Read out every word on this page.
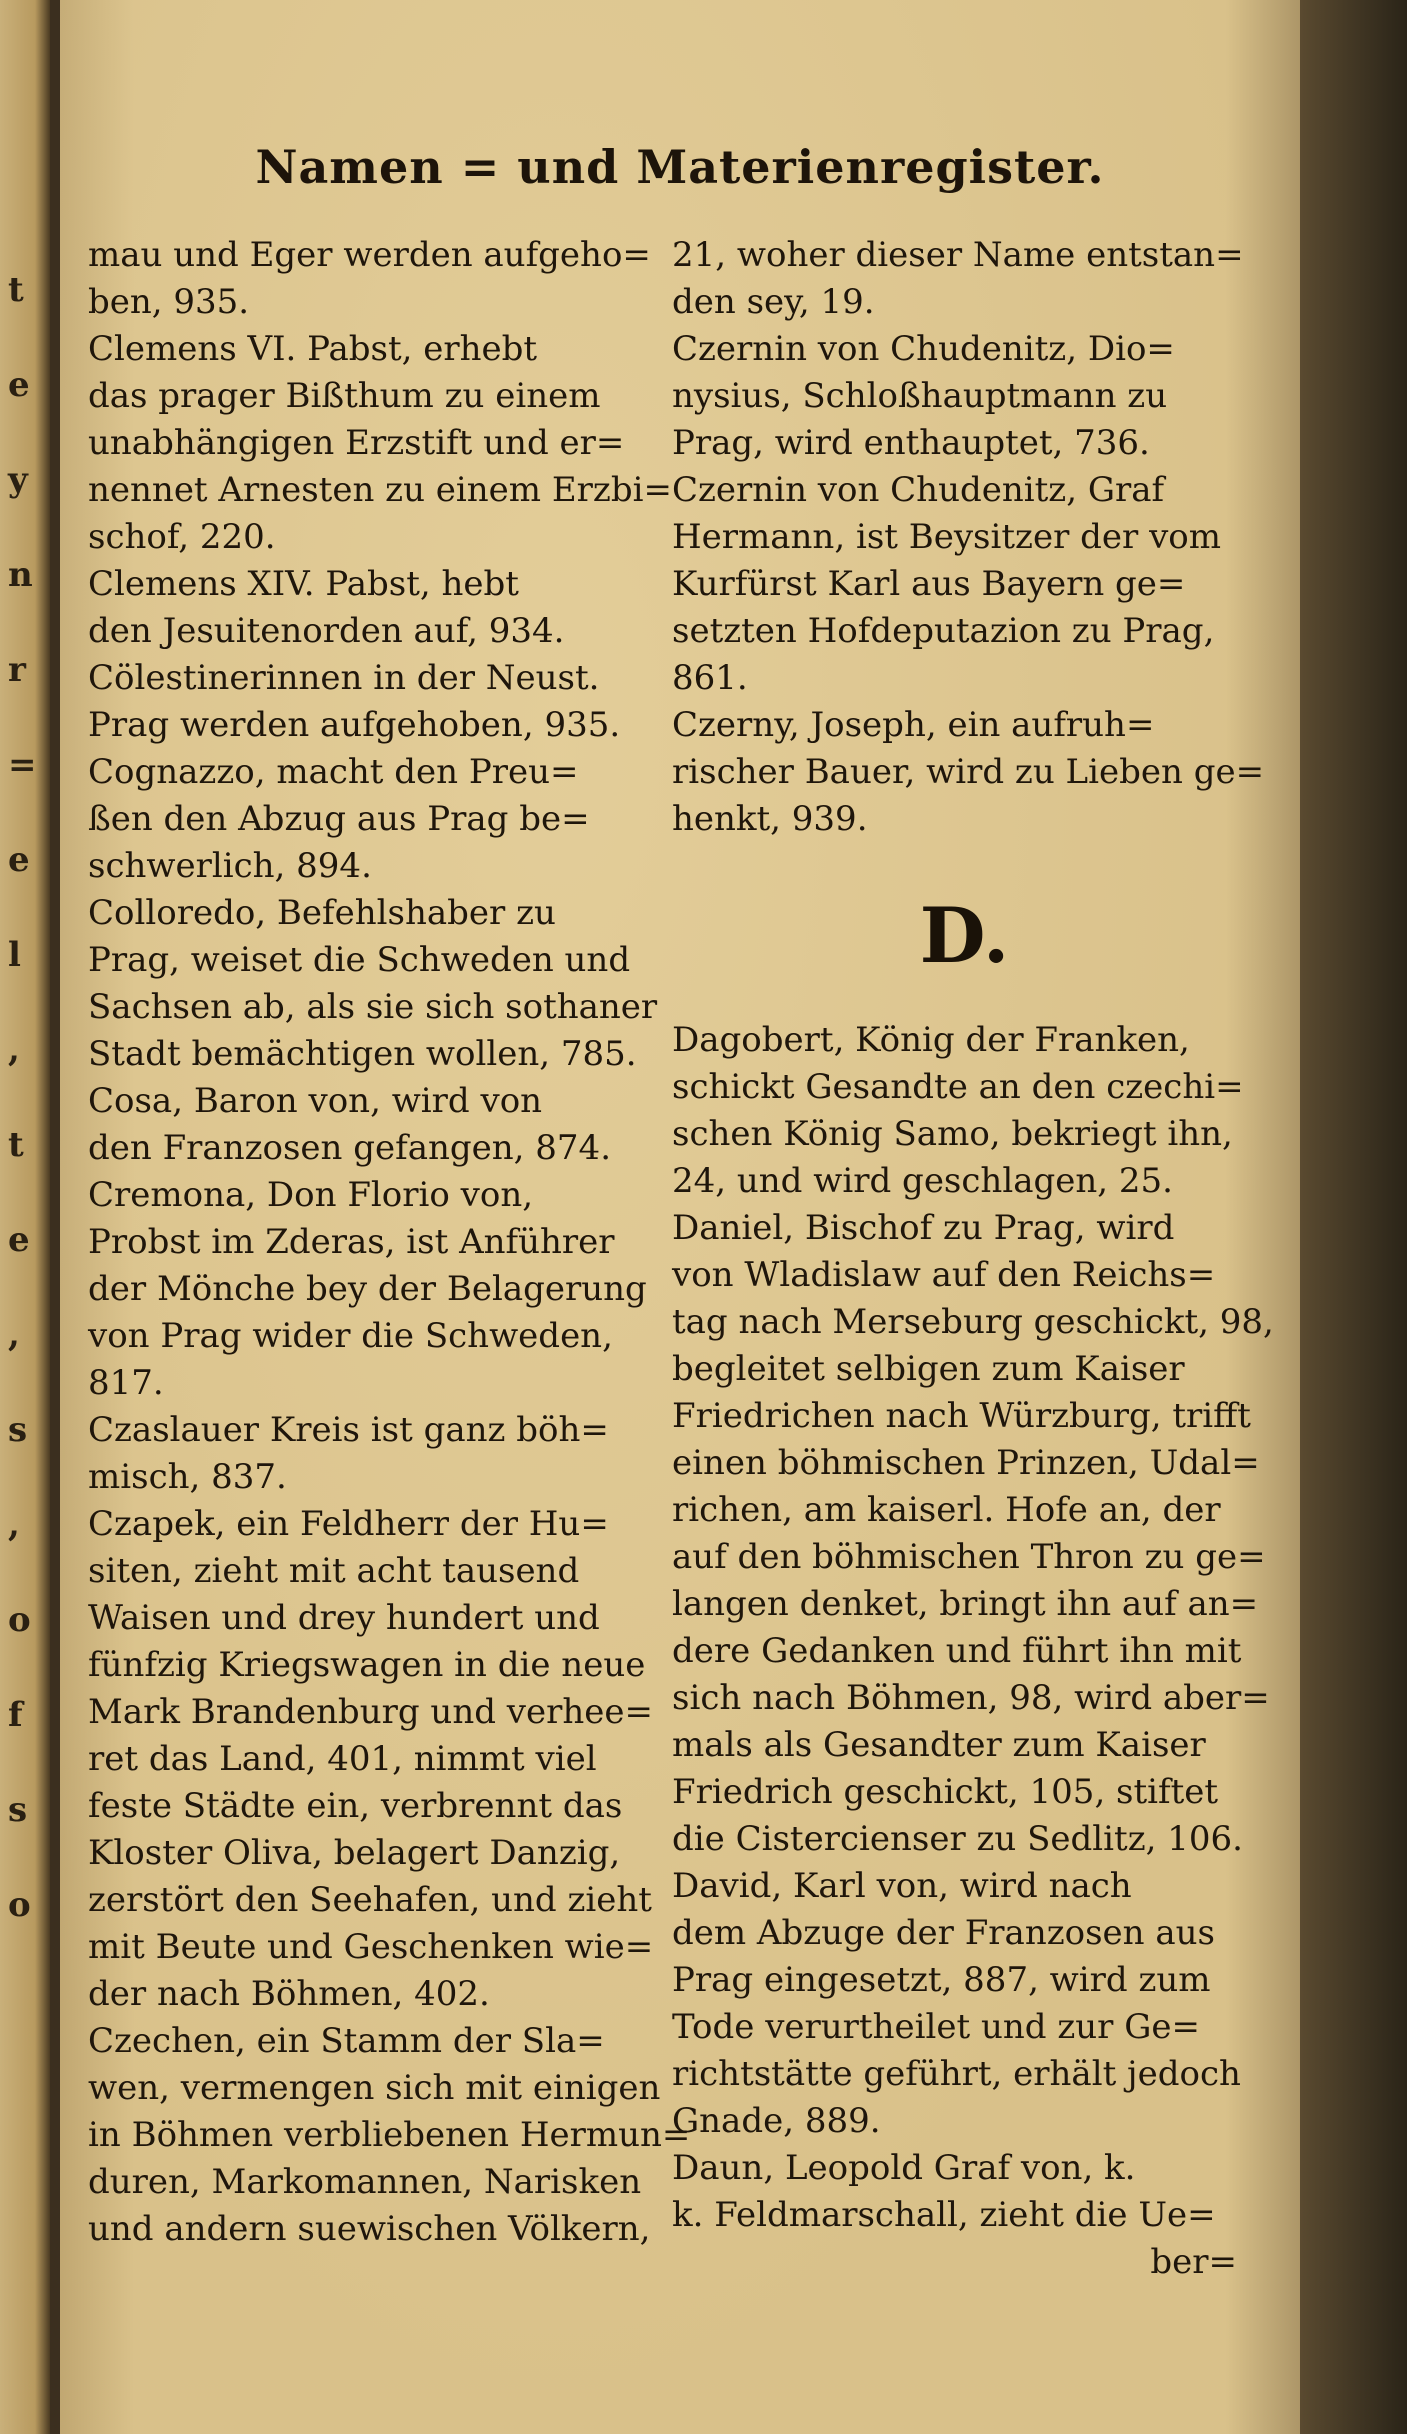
t
e
y
n
r
=
e
l
,
t
e
,
s
,
o
f
s
o
Namen = und Materienregister.
mau und Eger werden aufgeho=
ben, 935.
Clemens VI. Pabst, erhebt
das prager Bißthum zu einem
unabhängigen Erzstift und er=
nennet Arnesten zu einem Erzbi=
schof, 220.
Clemens XIV. Pabst, hebt
den Jesuitenorden auf, 934.
Cölestinerinnen in der Neust.
Prag werden aufgehoben, 935.
Cognazzo, macht den Preu=
ßen den Abzug aus Prag be=
schwerlich, 894.
Colloredo, Befehlshaber zu
Prag, weiset die Schweden und
Sachsen ab, als sie sich sothaner
Stadt bemächtigen wollen, 785.
Cosa, Baron von, wird von
den Franzosen gefangen, 874.
Cremona, Don Florio von,
Probst im Zderas, ist Anführer
der Mönche bey der Belagerung
von Prag wider die Schweden,
817.
Czaslauer Kreis ist ganz böh=
misch, 837.
Czapek, ein Feldherr der Hu=
siten, zieht mit acht tausend
Waisen und drey hundert und
fünfzig Kriegswagen in die neue
Mark Brandenburg und verhee=
ret das Land, 401, nimmt viel
feste Städte ein, verbrennt das
Kloster Oliva, belagert Danzig,
zerstört den Seehafen, und zieht
mit Beute und Geschenken wie=
der nach Böhmen, 402.
Czechen, ein Stamm der Sla=
wen, vermengen sich mit einigen
in Böhmen verbliebenen Hermun=
duren, Markomannen, Narisken
und andern suewischen Völkern,
21, woher dieser Name entstan=
den sey, 19.
Czernin von Chudenitz, Dio=
nysius, Schloßhauptmann zu
Prag, wird enthauptet, 736.
Czernin von Chudenitz, Graf
Hermann, ist Beysitzer der vom
Kurfürst Karl aus Bayern ge=
setzten Hofdeputazion zu Prag,
861.
Czerny, Joseph, ein aufruh=
rischer Bauer, wird zu Lieben ge=
henkt, 939.
D.
Dagobert, König der Franken,
schickt Gesandte an den czechi=
schen König Samo, bekriegt ihn,
24, und wird geschlagen, 25.
Daniel, Bischof zu Prag, wird
von Wladislaw auf den Reichs=
tag nach Merseburg geschickt, 98,
begleitet selbigen zum Kaiser
Friedrichen nach Würzburg, trifft
einen böhmischen Prinzen, Udal=
richen, am kaiserl. Hofe an, der
auf den böhmischen Thron zu ge=
langen denket, bringt ihn auf an=
dere Gedanken und führt ihn mit
sich nach Böhmen, 98, wird aber=
mals als Gesandter zum Kaiser
Friedrich geschickt, 105, stiftet
die Cistercienser zu Sedlitz, 106.
David, Karl von, wird nach
dem Abzuge der Franzosen aus
Prag eingesetzt, 887, wird zum
Tode verurtheilet und zur Ge=
richtstätte geführt, erhält jedoch
Gnade, 889.
Daun, Leopold Graf von, k.
k. Feldmarschall, zieht die Ue=
ber=
